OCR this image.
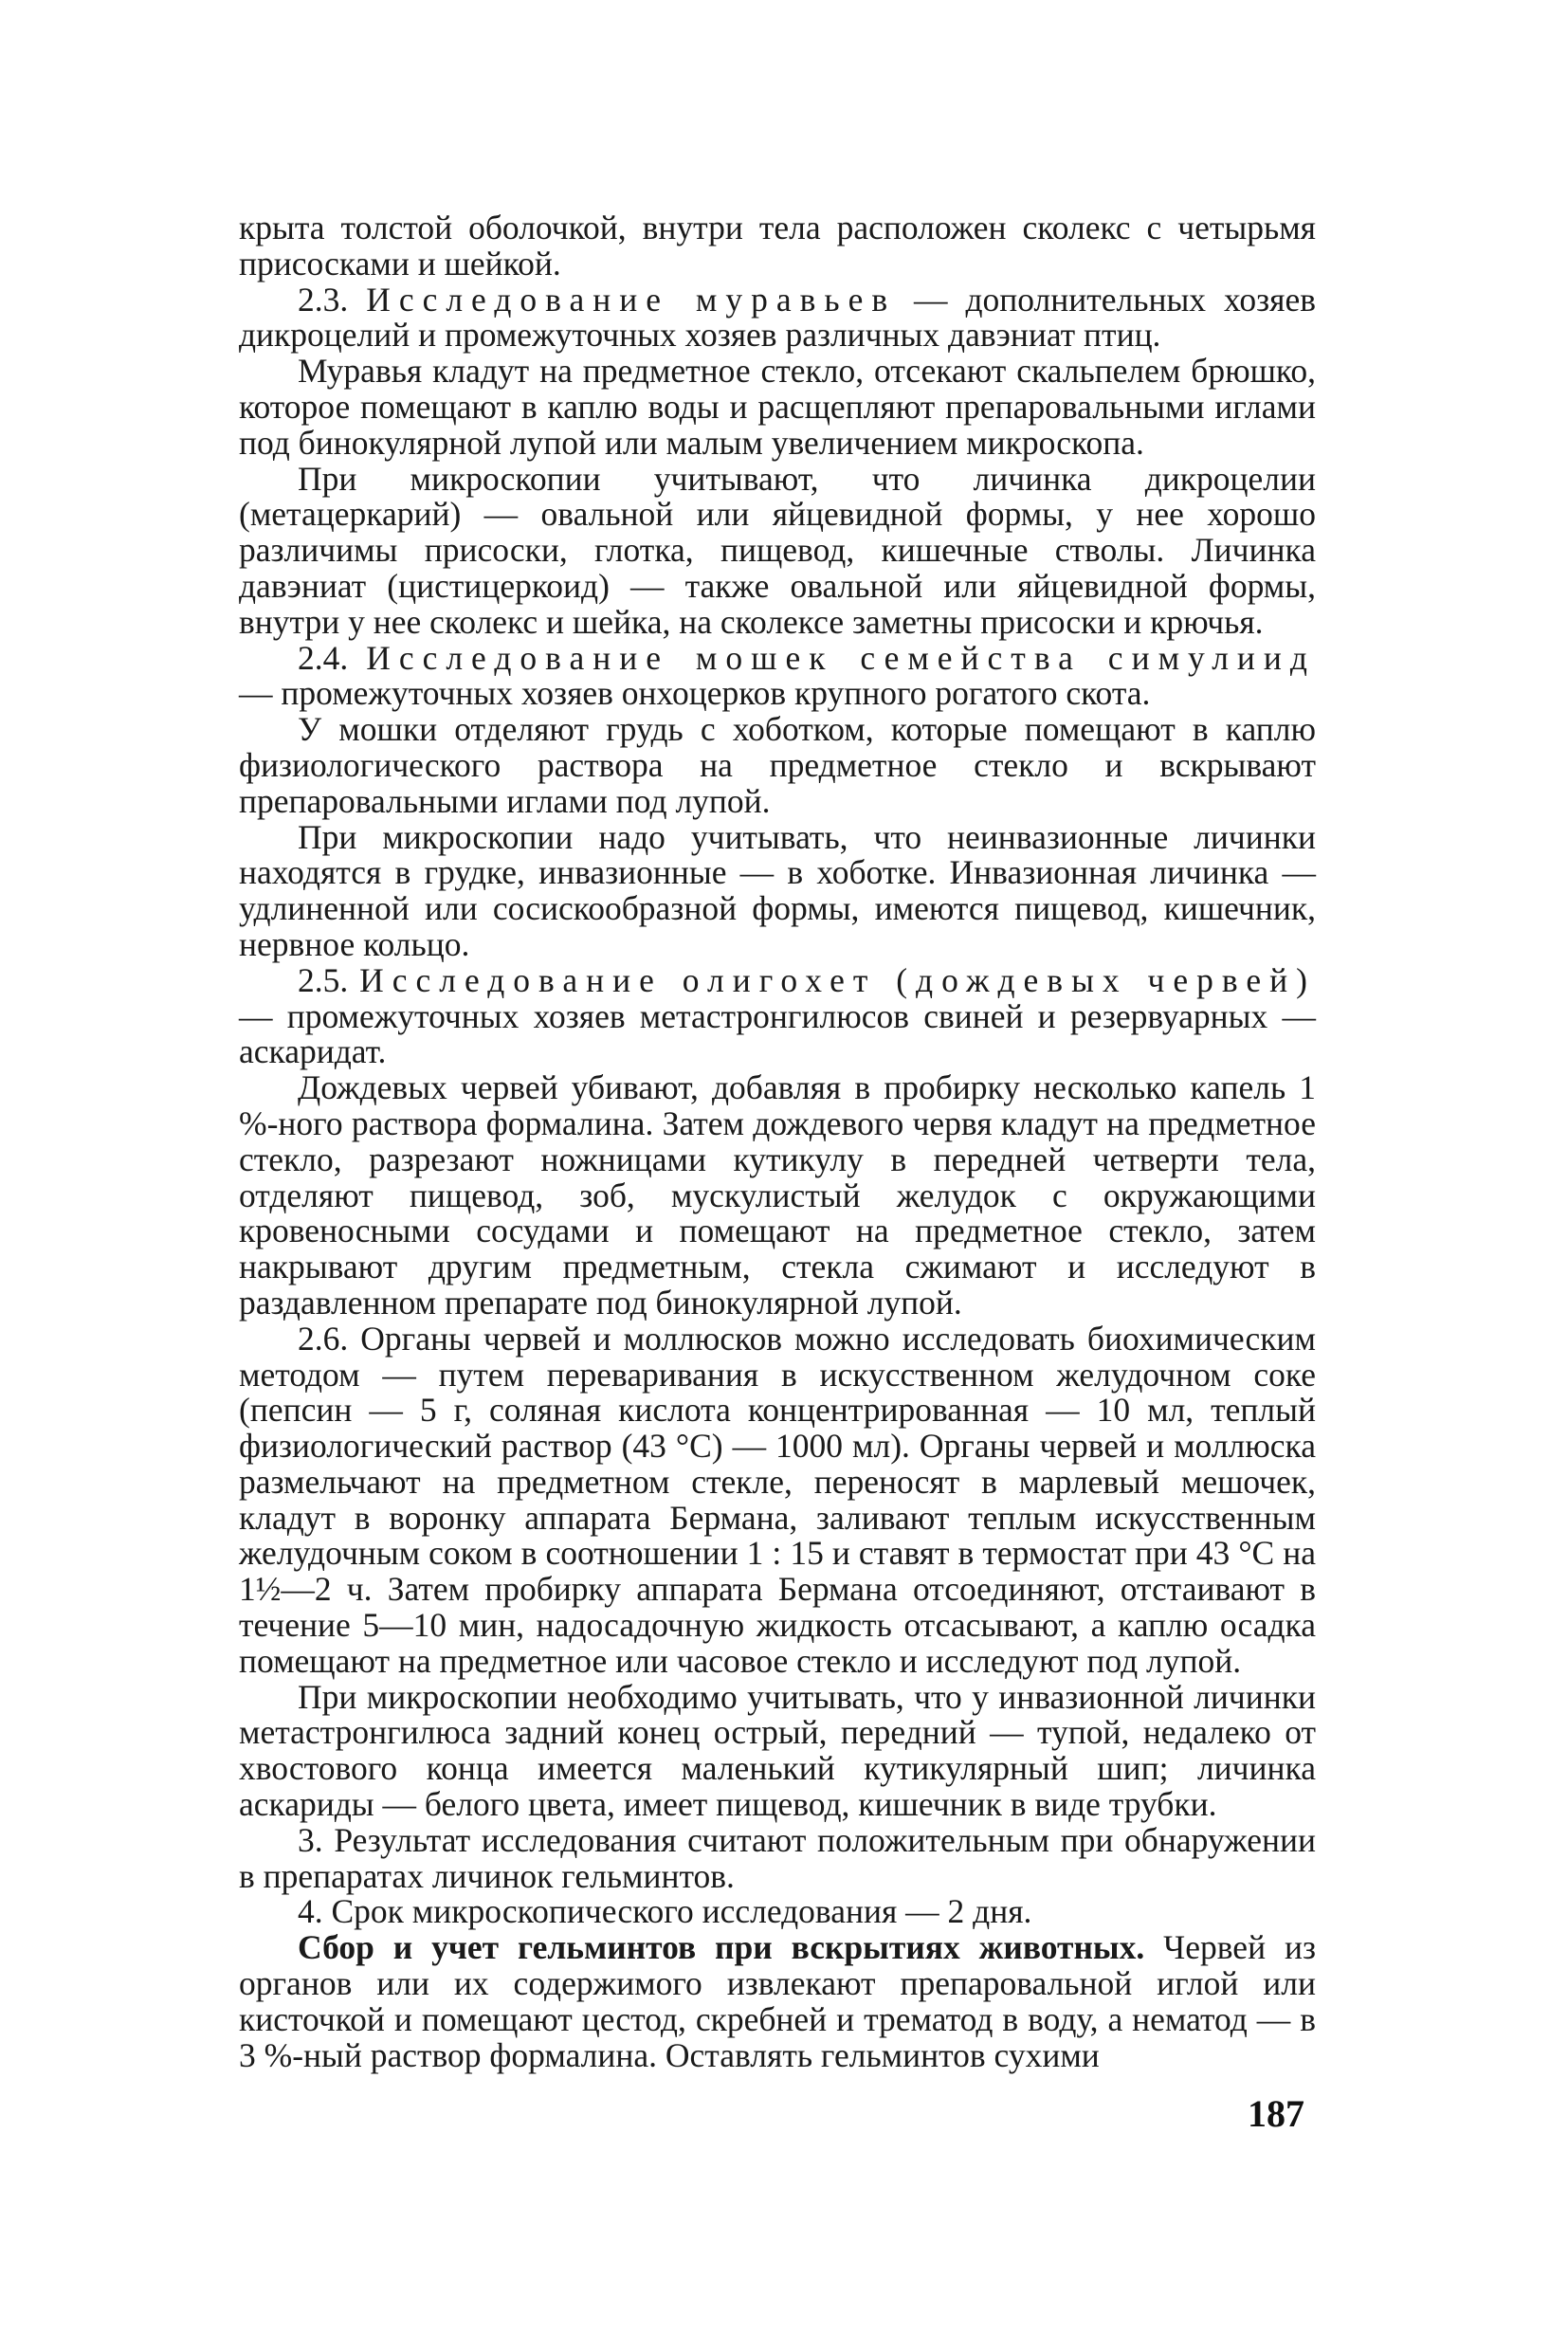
крыта толстой оболочкой, внутри тела расположен сколекс с четырьмя присосками и шейкой.

2.3. Исследование муравьев — дополнительных хозяев дикроцелий и промежуточных хозяев различных давэниат птиц.

Муравья кладут на предметное стекло, отсекают скальпелем брюшко, которое помещают в каплю воды и расщепляют препаровальными иглами под бинокулярной лупой или малым увеличением микроскопа.

При микроскопии учитывают, что личинка дикроцелии (метацеркарий) — овальной или яйцевидной формы, у нее хорошо различимы присоски, глотка, пищевод, кишечные стволы. Личинка давэниат (цистицеркоид) — также овальной или яйцевидной формы, внутри у нее сколекс и шейка, на сколексе заметны присоски и крючья.

2.4. Исследование мошек семейства симулиид — промежуточных хозяев онхоцерков крупного рогатого скота.

У мошки отделяют грудь с хоботком, которые помещают в каплю физиологического раствора на предметное стекло и вскрывают препаровальными иглами под лупой.

При микроскопии надо учитывать, что неинвазионные личинки находятся в грудке, инвазионные — в хоботке. Инвазионная личинка — удлиненной или сосискообразной формы, имеются пищевод, кишечник, нервное кольцо.

2.5. Исследование олигохет (дождевых червей) — промежуточных хозяев метастронгилюсов свиней и резервуарных — аскаридат.

Дождевых червей убивают, добавляя в пробирку несколько капель 1 %-ного раствора формалина. Затем дождевого червя кладут на предметное стекло, разрезают ножницами кутикулу в передней четверти тела, отделяют пищевод, зоб, мускулистый желудок с окружающими кровеносными сосудами и помещают на предметное стекло, затем накрывают другим предметным, стекла сжимают и исследуют в раздавленном препарате под бинокулярной лупой.

2.6. Органы червей и моллюсков можно исследовать биохимическим методом — путем переваривания в искусственном желудочном соке (пепсин — 5 г, соляная кислота концентрированная — 10 мл, теплый физиологический раствор (43 °С) — 1000 мл). Органы червей и моллюска размельчают на предметном стекле, переносят в марлевый мешочек, кладут в воронку аппарата Бермана, заливают теплым искусственным желудочным соком в соотношении 1 : 15 и ставят в термостат при 43 °С на 1½—2 ч. Затем пробирку аппарата Бермана отсоединяют, отстаивают в течение 5—10 мин, надосадочную жидкость отсасывают, а каплю осадка помещают на предметное или часовое стекло и исследуют под лупой.

При микроскопии необходимо учитывать, что у инвазионной личинки метастронгилюса задний конец острый, передний — тупой, недалеко от хвостового конца имеется маленький кутикулярный шип; личинка аскариды — белого цвета, имеет пищевод, кишечник в виде трубки.

3. Результат исследования считают положительным при обнаружении в препаратах личинок гельминтов.

4. Срок микроскопического исследования — 2 дня.

Сбор и учет гельминтов при вскрытиях животных. Червей из органов или их содержимого извлекают препаровальной иглой или кисточкой и помещают цестод, скребней и трематод в воду, а нематод — в 3 %-ный раствор формалина. Оставлять гельминтов сухими

187
